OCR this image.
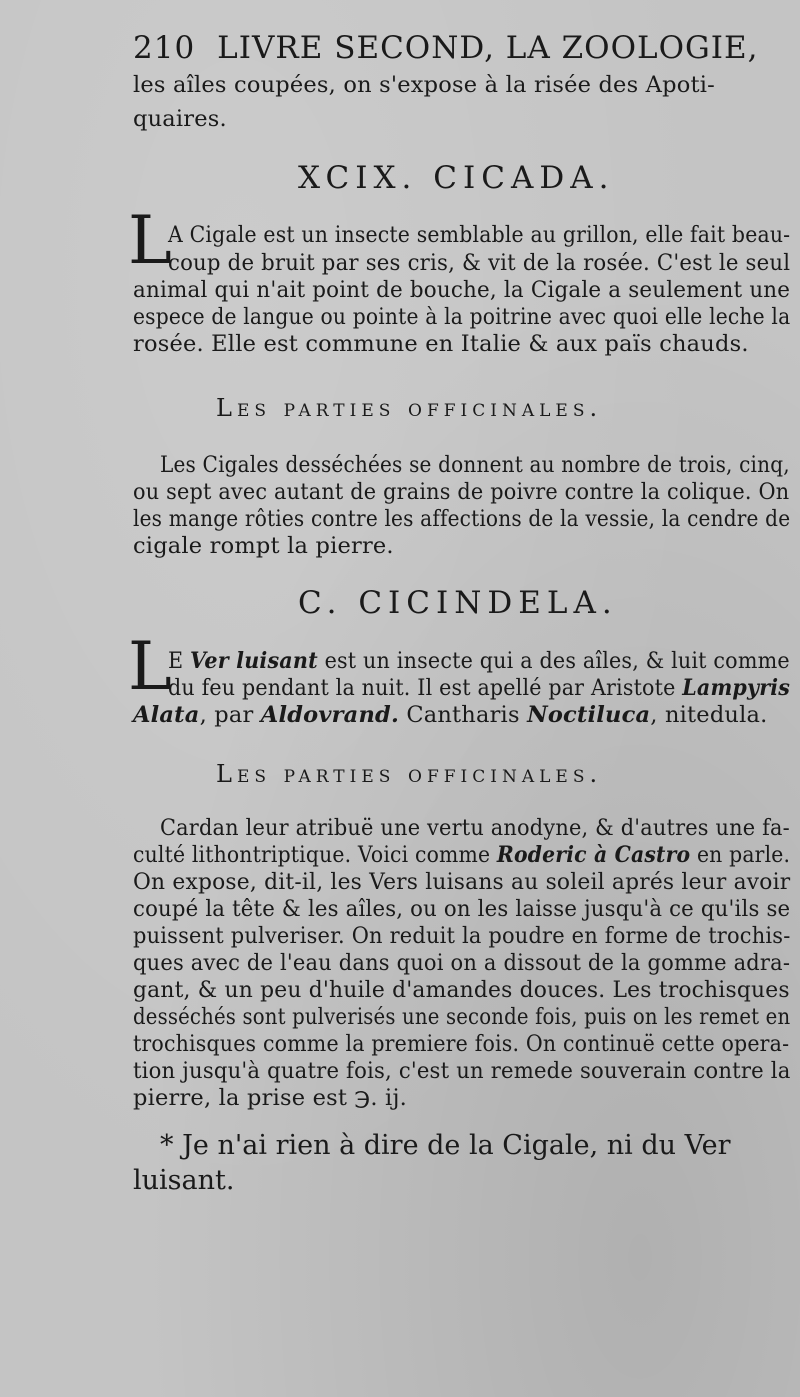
210 LIVRE SECOND, LA ZOOLOGIE,
les aîles coupées, on s'expose à la risée des Apoti-
quaires.
XCIX. CICADA.
L
A Cigale est un insecte semblable au grillon, elle fait beau-
coup de bruit par ses cris, & vit de la rosée. C'est le seul
animal qui n'ait point de bouche, la Cigale a seulement une
espece de langue ou pointe à la poitrine avec quoi elle leche la
rosée. Elle est commune en Italie & aux païs chauds.
Les parties officinales.
Les Cigales desséchées se donnent au nombre de trois, cinq,
ou sept avec autant de grains de poivre contre la colique. On
les mange rôties contre les affections de la vessie, la cendre de
cigale rompt la pierre.
C. CICINDELA.
L
E Ver luisant est un insecte qui a des aîles, & luit comme
du feu pendant la nuit. Il est apellé par Aristote Lampyris
Alata, par Aldovrand. Cantharis Noctiluca, nitedula.
Les parties officinales.
Cardan leur atribuë une vertu anodyne, & d'autres une fa-
culté lithontriptique. Voici comme Roderic à Castro en parle.
On expose, dit-il, les Vers luisans au soleil aprés leur avoir
coupé la tête & les aîles, ou on les laisse jusqu'à ce qu'ils se
puissent pulveriser. On reduit la poudre en forme de trochis-
ques avec de l'eau dans quoi on a dissout de la gomme adra-
gant, & un peu d'huile d'amandes douces. Les trochisques
desséchés sont pulverisés une seconde fois, puis on les remet en
trochisques comme la premiere fois. On continuë cette opera-
tion jusqu'à quatre fois, c'est un remede souverain contre la
pierre, la prise est ℈. ij.
* Je n'ai rien à dire de la Cigale, ni du Ver
luisant.
